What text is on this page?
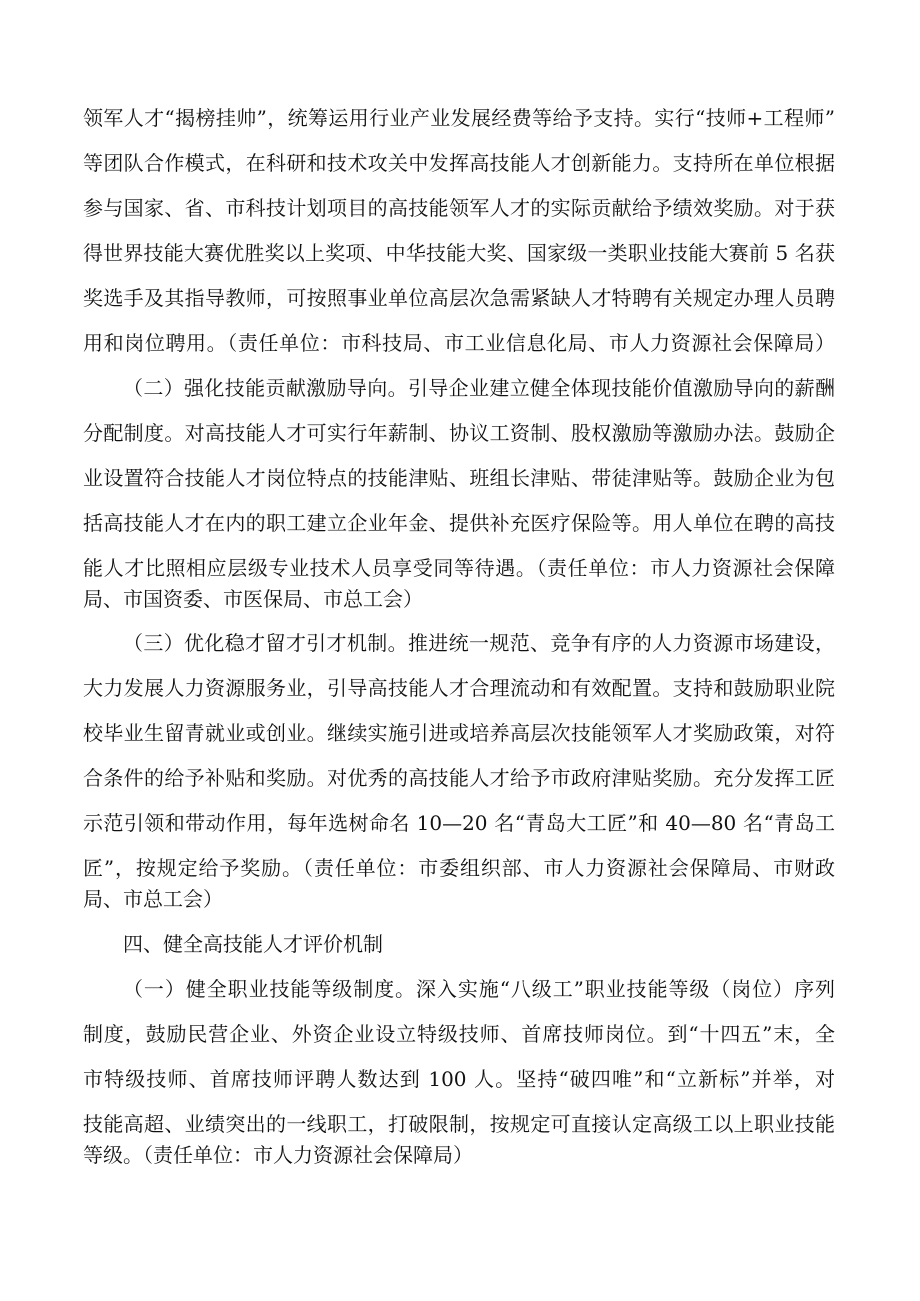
领军人才“揭榜挂帅”，统筹运用行业产业发展经费等给予支持。实行“技师+工程师”

等团队合作模式，在科研和技术攻关中发挥高技能人才创新能力。支持所在单位根据

参与国家、省、市科技计划项目的高技能领军人才的实际贡献给予绩效奖励。对于获

得世界技能大赛优胜奖以上奖项、中华技能大奖、国家级一类职业技能大赛前 5 名获

奖选手及其指导教师，可按照事业单位高层次急需紧缺人才特聘有关规定办理人员聘

用和岗位聘用。（责任单位：市科技局、市工业信息化局、市人力资源社会保障局）

（二）强化技能贡献激励导向。引导企业建立健全体现技能价值激励导向的薪酬

分配制度。对高技能人才可实行年薪制、协议工资制、股权激励等激励办法。鼓励企

业设置符合技能人才岗位特点的技能津贴、班组长津贴、带徒津贴等。鼓励企业为包

括高技能人才在内的职工建立企业年金、提供补充医疗保险等。用人单位在聘的高技

能人才比照相应层级专业技术人员享受同等待遇。（责任单位：市人力资源社会保障

局、市国资委、市医保局、市总工会）

（三）优化稳才留才引才机制。推进统一规范、竞争有序的人力资源市场建设，

大力发展人力资源服务业，引导高技能人才合理流动和有效配置。支持和鼓励职业院

校毕业生留青就业或创业。继续实施引进或培养高层次技能领军人才奖励政策，对符

合条件的给予补贴和奖励。对优秀的高技能人才给予市政府津贴奖励。充分发挥工匠

示范引领和带动作用，每年选树命名 10—20 名“青岛大工匠”和 40—80 名“青岛工

匠”，按规定给予奖励。（责任单位：市委组织部、市人力资源社会保障局、市财政

局、市总工会）

四、健全高技能人才评价机制

（一）健全职业技能等级制度。深入实施“八级工”职业技能等级（岗位）序列

制度，鼓励民营企业、外资企业设立特级技师、首席技师岗位。到“十四五”末，全

市特级技师、首席技师评聘人数达到 100 人。坚持“破四唯”和“立新标”并举，对

技能高超、业绩突出的一线职工，打破限制，按规定可直接认定高级工以上职业技能

等级。（责任单位：市人力资源社会保障局）
